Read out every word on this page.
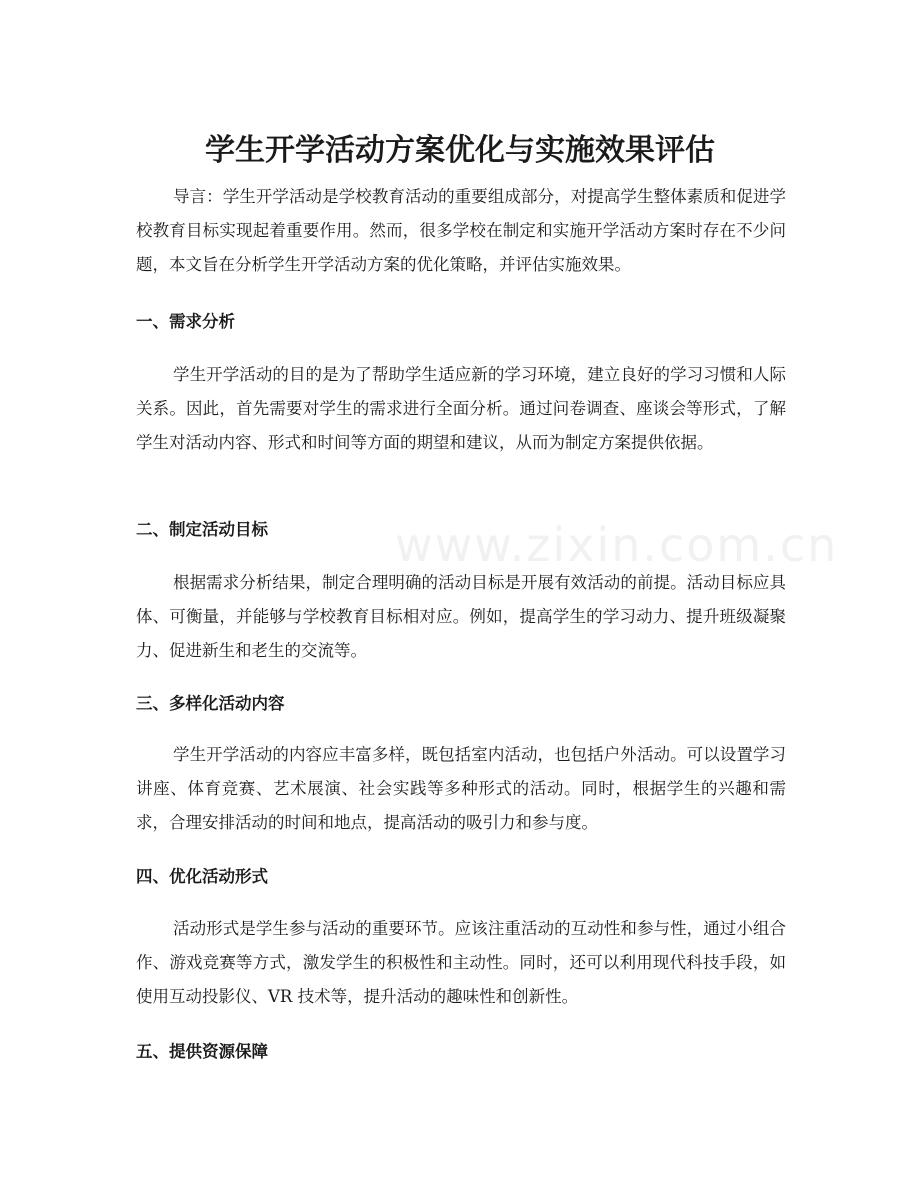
www.zixin.com.cn
学生开学活动方案优化与实施效果评估

导言：学生开学活动是学校教育活动的重要组成部分，对提高学生整体素质和促进学校教育目标实现起着重要作用。然而，很多学校在制定和实施开学活动方案时存在不少问题，本文旨在分析学生开学活动方案的优化策略，并评估实施效果。

一、需求分析

学生开学活动的目的是为了帮助学生适应新的学习环境，建立良好的学习习惯和人际关系。因此，首先需要对学生的需求进行全面分析。通过问卷调查、座谈会等形式，了解学生对活动内容、形式和时间等方面的期望和建议，从而为制定方案提供依据。

二、制定活动目标

根据需求分析结果，制定合理明确的活动目标是开展有效活动的前提。活动目标应具体、可衡量，并能够与学校教育目标相对应。例如，提高学生的学习动力、提升班级凝聚力、促进新生和老生的交流等。

三、多样化活动内容

学生开学活动的内容应丰富多样，既包括室内活动，也包括户外活动。可以设置学习讲座、体育竞赛、艺术展演、社会实践等多种形式的活动。同时，根据学生的兴趣和需求，合理安排活动的时间和地点，提高活动的吸引力和参与度。

四、优化活动形式

活动形式是学生参与活动的重要环节。应该注重活动的互动性和参与性，通过小组合作、游戏竞赛等方式，激发学生的积极性和主动性。同时，还可以利用现代科技手段，如使用互动投影仪、VR 技术等，提升活动的趣味性和创新性。

五、提供资源保障
